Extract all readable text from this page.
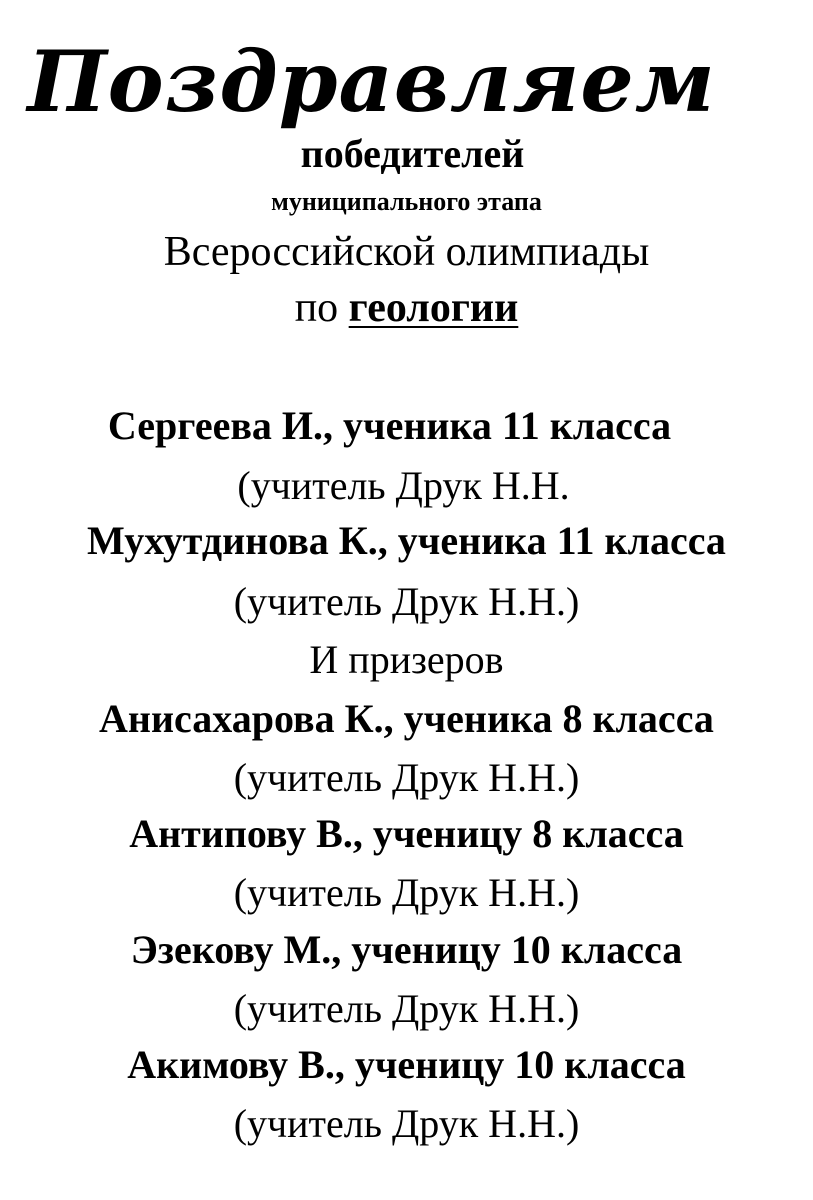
Поздравляем
победителей
муниципального этапа
Всероссийской олимпиады
по геологии
Сергеева И., ученика 11 класса
(учитель Друк Н.Н.
Мухутдинова К., ученика 11 класса
(учитель Друк Н.Н.)
И призеров
Анисахарова К., ученика 8 класса
(учитель Друк Н.Н.)
Антипову В., ученицу 8 класса
(учитель Друк Н.Н.)
Эзекову М., ученицу 10 класса
(учитель Друк Н.Н.)
Акимову В., ученицу 10 класса
(учитель Друк Н.Н.)
